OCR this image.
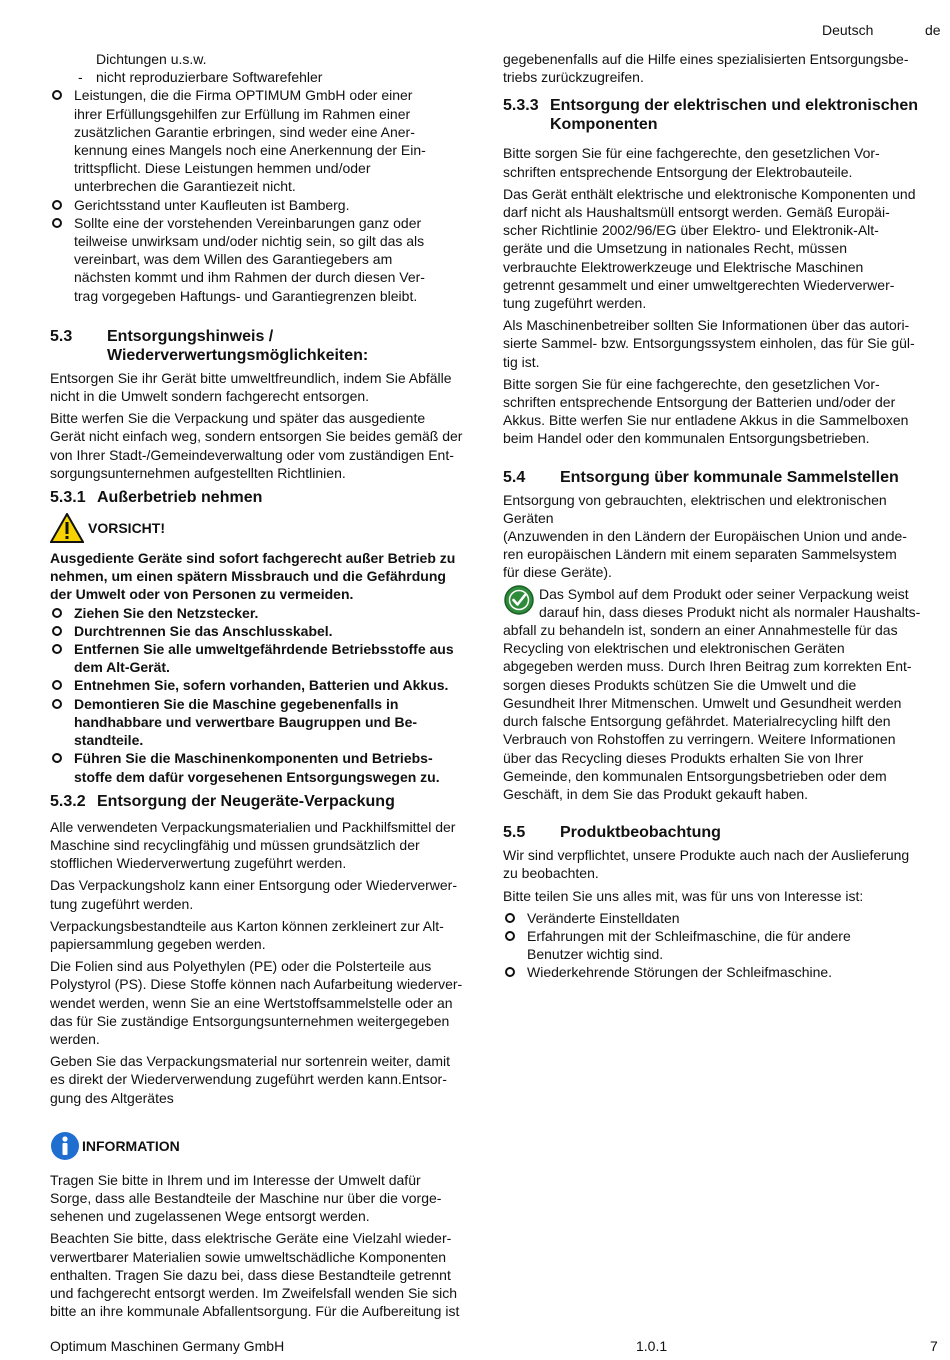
Deutsch	de

Dichtungen u.s.w.

- nicht reproduzierbare Softwarefehler

Leistungen, die die Firma OPTIMUM GmbH oder einer
ihrer Erfüllungsgehilfen zur Erfüllung im Rahmen einer
zusätzlichen Garantie erbringen, sind weder eine Aner-
kennung eines Mangels noch eine Anerkennung der Ein-
trittspflicht. Diese Leistungen hemmen und/oder
unterbrechen die Garantiezeit nicht.

Gerichtsstand unter Kaufleuten ist Bamberg.

Sollte eine der vorstehenden Vereinbarungen ganz oder
teilweise unwirksam und/oder nichtig sein, so gilt das als
vereinbart, was dem Willen des Garantiegebers am
nächsten kommt und ihm Rahmen der durch diesen Ver-
trag vorgegeben Haftungs- und Garantiegrenzen bleibt.

5.3	Entsorgungshinweis /
Wiederverwertungsmöglichkeiten:

Entsorgen Sie ihr Gerät bitte umweltfreundlich, indem Sie Abfälle
nicht in die Umwelt sondern fachgerecht entsorgen.

Bitte werfen Sie die Verpackung und später das ausgediente
Gerät nicht einfach weg, sondern entsorgen Sie beides gemäß der
von Ihrer Stadt-/Gemeindeverwaltung oder vom zuständigen Ent-
sorgungsunternehmen aufgestellten Richtlinien.

5.3.1 Außerbetrieb nehmen
VORSICHT!

Ausgediente Geräte sind sofort fachgerecht außer Betrieb zu
nehmen, um einen spätern Missbrauch und die Gefährdung
der Umwelt oder von Personen zu vermeiden.

Ziehen Sie den Netzstecker.

Durchtrennen Sie das Anschlusskabel.

Entfernen Sie alle umweltgefährdende Betriebsstoffe aus
dem Alt-Gerät.

Entnehmen Sie, sofern vorhanden, Batterien und Akkus.

Demontieren Sie die Maschine gegebenenfalls in
handhabbare und verwertbare Baugruppen und Be-
standteile.

Führen Sie die Maschinenkomponenten und Betriebs-
stoffe dem dafür vorgesehenen Entsorgungswegen zu.

5.3.2 Entsorgung der Neugeräte-Verpackung

Alle verwendeten Verpackungsmaterialien und Packhilfsmittel der
Maschine sind recyclingfähig und müssen grundsätzlich der
stofflichen Wiederverwertung zugeführt werden.

Das Verpackungsholz kann einer Entsorgung oder Wiederverwer-
tung zugeführt werden.

Verpackungsbestandteile aus Karton können zerkleinert zur Alt-
papiersammlung gegeben werden.

Die Folien sind aus Polyethylen (PE) oder die Polsterteile aus
Polystyrol (PS). Diese Stoffe können nach Aufarbeitung wiederver-
wendet werden, wenn Sie an eine Wertstoffsammelstelle oder an
das für Sie zuständige Entsorgungsunternehmen weitergegeben
werden.

Geben Sie das Verpackungsmaterial nur sortenrein weiter, damit
es direkt der Wiederverwendung zugeführt werden kann.Entsor-
gung des Altgerätes

INFORMATION

Tragen Sie bitte in Ihrem und im Interesse der Umwelt dafür
Sorge, dass alle Bestandteile der Maschine nur über die vorge-
sehenen und zugelassenen Wege entsorgt werden.

Beachten Sie bitte, dass elektrische Geräte eine Vielzahl wieder-
verwertbarer Materialien sowie umweltschädliche Komponenten
enthalten. Tragen Sie dazu bei, dass diese Bestandteile getrennt
und fachgerecht entsorgt werden. Im Zweifelsfall wenden Sie sich
bitte an ihre kommunale Abfallentsorgung. Für die Aufbereitung ist

gegebenenfalls auf die Hilfe eines spezialisierten Entsorgungsbe-
triebs zurückzugreifen.

5.3.3 Entsorgung der elektrischen und elektronischen
Komponenten

Bitte sorgen Sie für eine fachgerechte, den gesetzlichen Vor-
schriften entsprechende Entsorgung der Elektrobauteile.

Das Gerät enthält elektrische und elektronische Komponenten und
darf nicht als Haushaltsmüll entsorgt werden. Gemäß Europäi-
scher Richtlinie 2002/96/EG über Elektro- und Elektronik-Alt-
geräte und die Umsetzung in nationales Recht, müssen
verbrauchte Elektrowerkzeuge und Elektrische Maschinen
getrennt gesammelt und einer umweltgerechten Wiederverwer-
tung zugeführt werden.

Als Maschinenbetreiber sollten Sie Informationen über das autori-
sierte Sammel- bzw. Entsorgungssystem einholen, das für Sie gül-
tig ist.

Bitte sorgen Sie für eine fachgerechte, den gesetzlichen Vor-
schriften entsprechende Entsorgung der Batterien und/oder der
Akkus. Bitte werfen Sie nur entladene Akkus in die Sammelboxen
beim Handel oder den kommunalen Entsorgungsbetrieben.

5.4	Entsorgung über kommunale Sammelstellen

Entsorgung von gebrauchten, elektrischen und elektronischen
Geräten
(Anzuwenden in den Ländern der Europäischen Union und ande-
ren europäischen Ländern mit einem separaten Sammelsystem
für diese Geräte).

Das Symbol auf dem Produkt oder seiner Verpackung weist
darauf hin, dass dieses Produkt nicht als normaler Haushalts-
abfall zu behandeln ist, sondern an einer Annahmestelle für das
Recycling von elektrischen und elektronischen Geräten
abgegeben werden muss. Durch Ihren Beitrag zum korrekten Ent-
sorgen dieses Produkts schützen Sie die Umwelt und die
Gesundheit Ihrer Mitmenschen. Umwelt und Gesundheit werden
durch falsche Entsorgung gefährdet. Materialrecycling hilft den
Verbrauch von Rohstoffen zu verringern. Weitere Informationen
über das Recycling dieses Produkts erhalten Sie von Ihrer
Gemeinde, den kommunalen Entsorgungsbetrieben oder dem
Geschäft, in dem Sie das Produkt gekauft haben.
5.5	Produktbeobachtung

Wir sind verpflichtet, unsere Produkte auch nach der Auslieferung
zu beobachten.

Bitte teilen Sie uns alles mit, was für uns von Interesse ist:

Veränderte Einstelldaten

Erfahrungen mit der Schleifmaschine, die für andere
Benutzer wichtig sind.

Wiederkehrende Störungen der Schleifmaschine.

Optimum Maschinen Germany GmbH	1.0.1	7
